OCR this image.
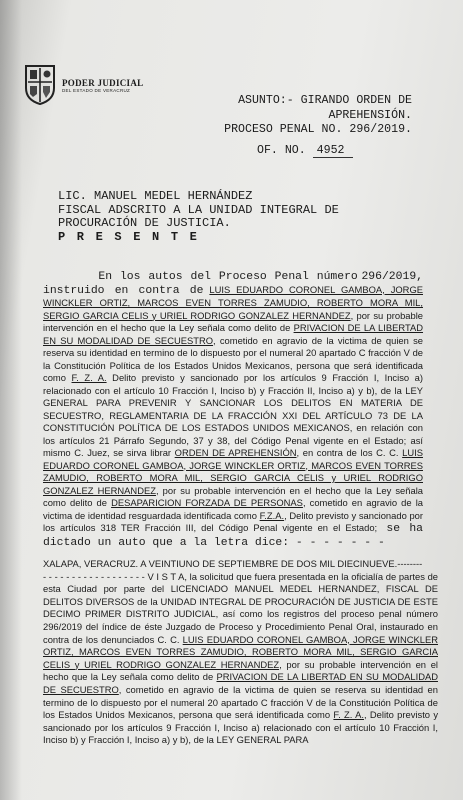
PODER JUDICIAL
DEL ESTADO DE VERACRUZ
ASUNTO:- GIRANDO ORDEN DE
APREHENSIÓN.
PROCESO PENAL NO. 296/2019.
OF. NO. 4952
LIC. MANUEL MEDEL HERNÁNDEZ
FISCAL ADSCRITO A LA UNIDAD INTEGRAL DE
PROCURACIÓN DE JUSTICIA.
P R E S E N T E
En los autos del Proceso Penal número 296/2019, instruido en contra de LUIS EDUARDO CORONEL GAMBOA, JORGE WINCKLER ORTIZ, MARCOS EVEN TORRES ZAMUDIO, ROBERTO MORA MIL, SERGIO GARCIA CELIS y URIEL RODRIGO GONZALEZ HERNANDEZ, por su probable intervención en el hecho que la Ley señala como delito de PRIVACION DE LA LIBERTAD EN SU MODALIDAD DE SECUESTRO, cometido en agravio de la victima de quien se reserva su identidad en termino de lo dispuesto por el numeral 20 apartado C fracción V de la Constitución Política de los Estados Unidos Mexicanos, persona que será identificada como F. Z. A. Delito previsto y sancionado por los artículos 9 Fracción I, Inciso a) relacionado con el artículo 10 Fracción I, Inciso b) y Fracción II, Inciso a) y b), de la LEY GENERAL PARA PREVENIR Y SANCIONAR LOS DELITOS EN MATERIA DE SECUESTRO, REGLAMENTARIA DE LA FRACCIÓN XXI DEL ARTÍCULO 73 DE LA CONSTITUCIÓN POLÍTICA DE LOS ESTADOS UNIDOS MEXICANOS, en relación con los artículos 21 Párrafo Segundo, 37 y 38, del Código Penal vigente en el Estado; así mismo C. Juez, se sirva librar ORDEN DE APREHENSIÓN, en contra de los C. C. LUIS EDUARDO CORONEL GAMBOA, JORGE WINCKLER ORTIZ, MARCOS EVEN TORRES ZAMUDIO, ROBERTO MORA MIL, SERGIO GARCIA CELIS y URIEL RODRIGO GONZALEZ HERNANDEZ, por su probable intervención en el hecho que la Ley señala como delito de DESAPARICION FORZADA DE PERSONAS, cometido en agravio de la victima de identidad resguardada identificada como F.Z.A., Delito previsto y sancionado por los artículos 318 TER Fracción III, del Código Penal vigente en el Estado; se ha dictado un auto que a la letra dice: - - - - - - -
XALAPA, VERACRUZ. A VEINTIUNO DE SEPTIEMBRE DE DOS MIL DIECINUEVE.--------
- - - - - - - - - - - - - - - - - - V I S T A, la solicitud que fuera presentada en la oficialía de partes de esta Ciudad por parte del LICENCIADO MANUEL MEDEL HERNANDEZ, FISCAL DE DELITOS DIVERSOS de la UNIDAD INTEGRAL DE PROCURACIÓN DE JUSTICIA DE ESTE DECIMO PRIMER DISTRITO JUDICIAL, así como los registros del proceso penal número 296/2019 del índice de éste Juzgado de Proceso y Procedimiento Penal Oral, instaurado en contra de los denunciados C. C. LUIS EDUARDO CORONEL GAMBOA, JORGE WINCKLER ORTIZ, MARCOS EVEN TORRES ZAMUDIO, ROBERTO MORA MIL, SERGIO GARCIA CELIS y URIEL RODRIGO GONZALEZ HERNANDEZ, por su probable intervención en el hecho que la Ley señala como delito de PRIVACION DE LA LIBERTAD EN SU MODALIDAD DE SECUESTRO, cometido en agravio de la victima de quien se reserva su identidad en termino de lo dispuesto por el numeral 20 apartado C fracción V de la Constitución Política de los Estados Unidos Mexicanos, persona que será identificada como F. Z. A., Delito previsto y sancionado por los artículos 9 Fracción I, Inciso a) relacionado con el artículo 10 Fracción I, Inciso b) y Fracción I, Inciso a) y b), de la LEY GENERAL PARA
